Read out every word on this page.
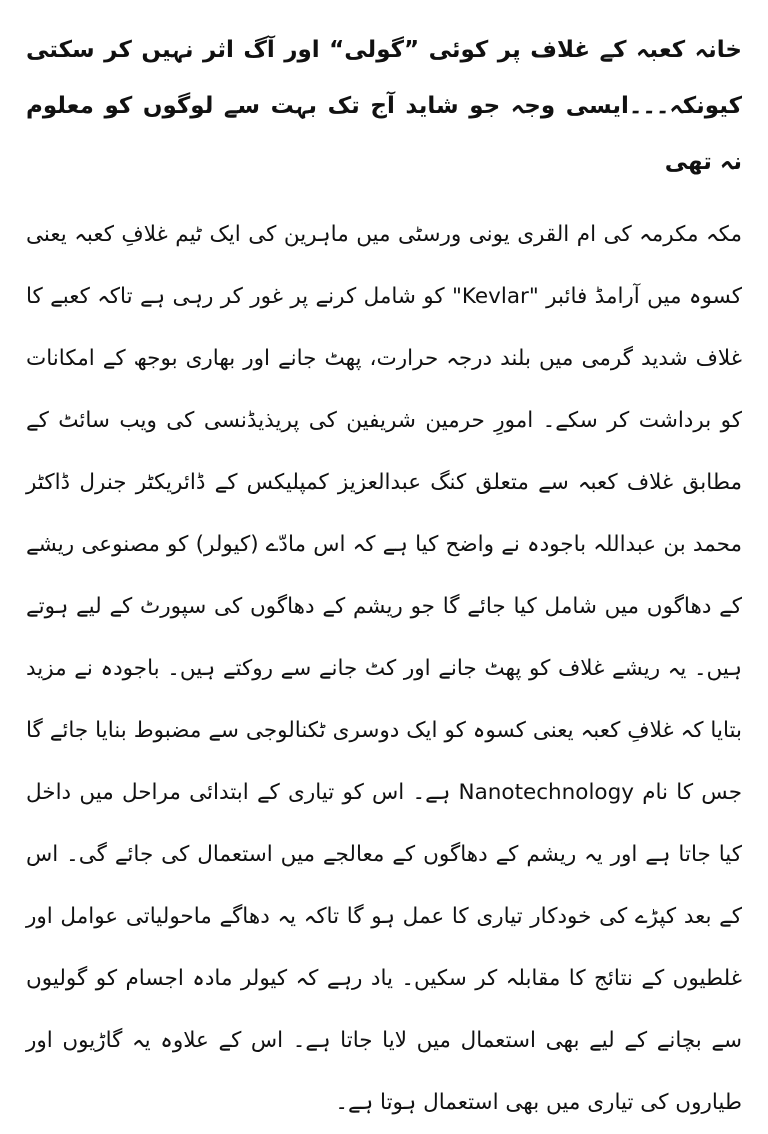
خانہ کعبہ کے غلاف پر کوئی ”گولی“ اور آگ اثر نہیں کر سکتی کیونکہ۔۔۔ایسی وجہ جو شاید آج تک بہت سے لوگوں کو معلوم نہ تھی

مکہ مکرمہ کی ام القری یونی ورسٹی میں ماہرین کی ایک ٹیم غلافِ کعبہ یعنی کسوہ میں آرامڈ فائبر "Kevlar" کو شامل کرنے پر غور کر رہی ہے تاکہ کعبے کا غلاف شدید گرمی میں بلند درجہ حرارت، پھٹ جانے اور بھاری بوجھ کے امکانات کو برداشت کر سکے۔ امورِ حرمین شریفین کی پریذیڈنسی کی ویب سائٹ کے مطابق غلاف کعبہ سے متعلق کنگ عبدالعزیز کمپلیکس کے ڈائریکٹر جنرل ڈاکٹر محمد بن عبداللہ باجودہ نے واضح کیا ہے کہ اس مادّے (کیولر) کو مصنوعی ریشے کے دھاگوں میں شامل کیا جائے گا جو ریشم کے دھاگوں کی سپورٹ کے لیے ہوتے ہیں۔ یہ ریشے غلاف کو پھٹ جانے اور کٹ جانے سے روکتے ہیں۔ باجودہ نے مزید بتایا کہ غلافِ کعبہ یعنی کسوہ کو ایک دوسری ٹکنالوجی سے مضبوط بنایا جائے گا جس کا نام Nanotechnology ہے۔ اس کو تیاری کے ابتدائی مراحل میں داخل کیا جاتا ہے اور یہ ریشم کے دھاگوں کے معالجے میں استعمال کی جائے گی۔ اس کے بعد کپڑے کی خودکار تیاری کا عمل ہو گا تاکہ یہ دھاگے ماحولیاتی عوامل اور غلطیوں کے نتائج کا مقابلہ کر سکیں۔ یاد رہے کہ کیولر مادہ اجسام کو گولیوں سے بچانے کے لیے بھی استعمال میں لایا جاتا ہے۔ اس کے علاوہ یہ گاڑیوں اور طیاروں کی تیاری میں بھی استعمال ہوتا ہے۔
